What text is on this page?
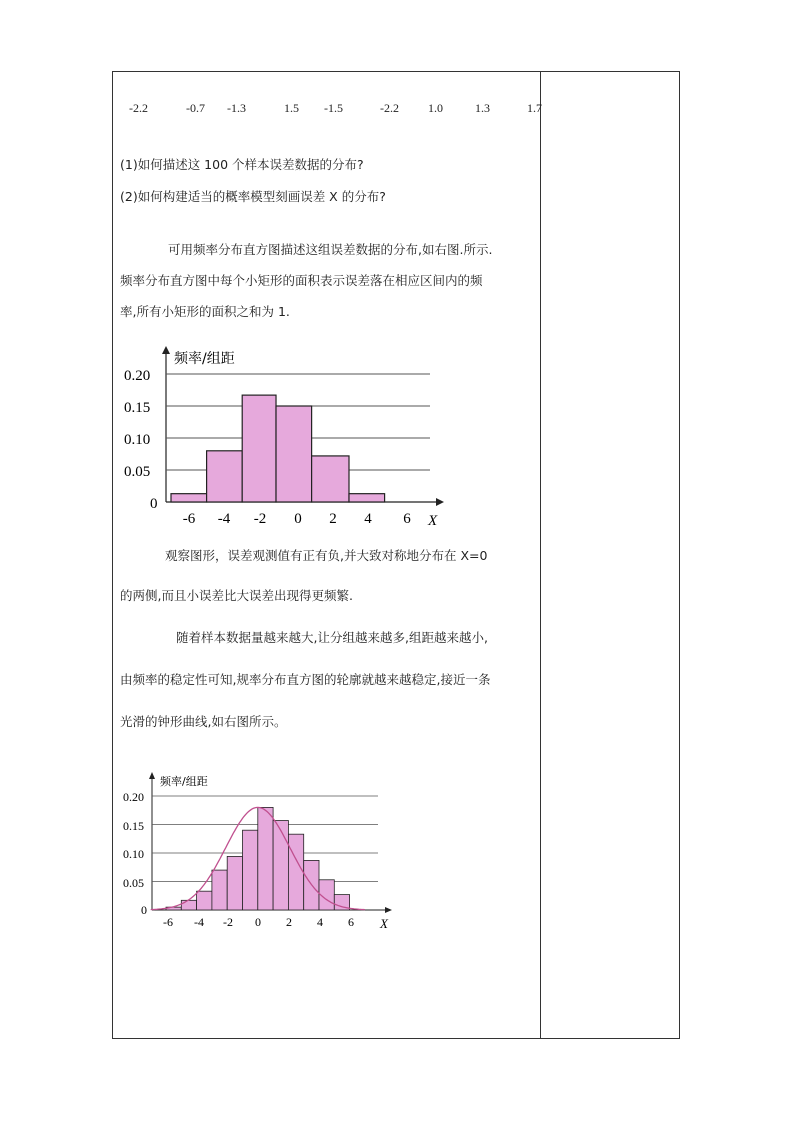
-2.2	-0.7 -1.3	1.5 -1.5	-2.2 1.0	1.3	1.7
(1)如何描述这 100 个样本误差数据的分布?
(2)如何构建适当的概率模型刻画误差 X 的分布?
可用频率分布直方图描述这组误差数据的分布,如右图.所示.
频率分布直方图中每个小矩形的面积表示误差落在相应区间内的频
率,所有小矩形的面积之和为 1.
频率/组距
0.20
0.15
0.10
0.05
0
-6 -4 -2 0 2 4 6 X
观察图形，误差观测值有正有负,并大致对称地分布在 X=0
的两侧,而且小误差比大误差出现得更频繁.
随着样本数据量越来越大,让分组越来越多,组距越来越小,
由频率的稳定性可知,规率分布直方图的轮廓就越来越稳定,接近一条
光滑的钟形曲线,如右图所示。
频率/组距
0.20
0.15
0.10
0.05
0
-6 -4 -2 0 2 4 6 X
